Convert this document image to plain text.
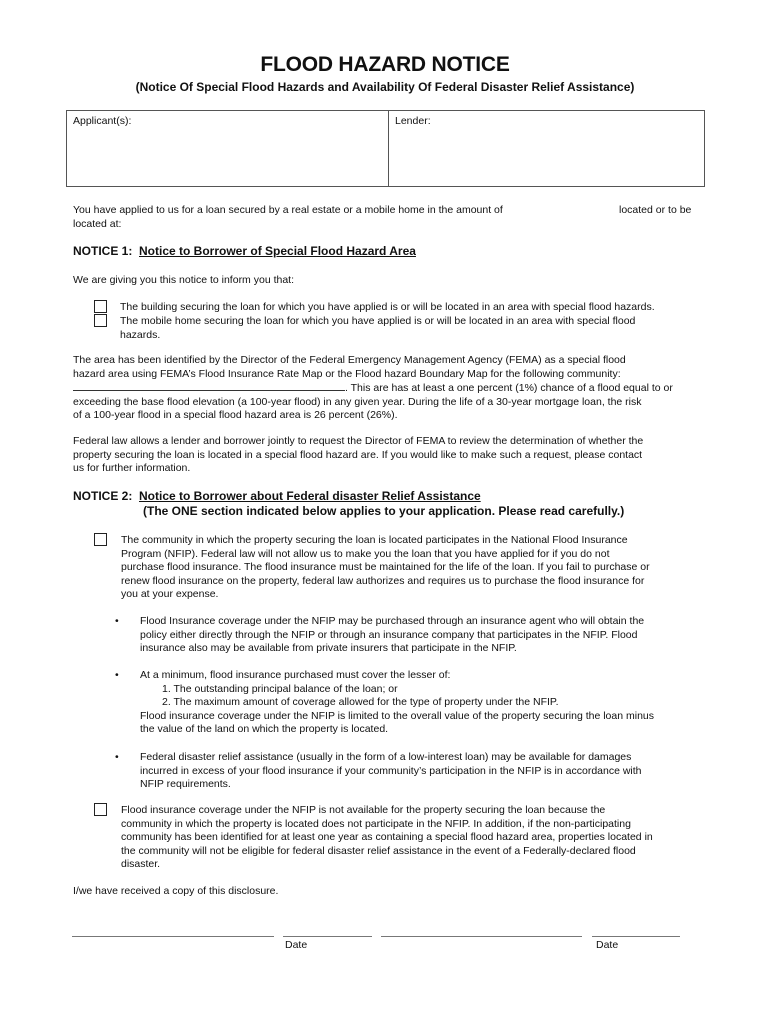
FLOOD HAZARD NOTICE
(Notice Of Special Flood Hazards and Availability Of Federal Disaster Relief Assistance)
Applicant(s):	Lender:
You have applied to us for a loan secured by a real estate or a mobile home in the amount of	located or to be
located at:
NOTICE 1: Notice to Borrower of Special Flood Hazard Area
We are giving you this notice to inform you that:
The building securing the loan for which you have applied is or will be located in an area with special flood hazards.
The mobile home securing the loan for which you have applied is or will be located in an area with special flood
hazards.
The area has been identified by the Director of the Federal Emergency Management Agency (FEMA) as a special flood
hazard area using FEMA’s Flood Insurance Rate Map or the Flood hazard Boundary Map for the following community:
. This are has at least a one percent (1%) chance of a flood equal to or
exceeding the base flood elevation (a 100-year flood) in any given year. During the life of a 30-year mortgage loan, the risk
of a 100-year flood in a special flood hazard area is 26 percent (26%).
Federal law allows a lender and borrower jointly to request the Director of FEMA to review the determination of whether the
property securing the loan is located in a special flood hazard are. If you would like to make such a request, please contact
us for further information.
NOTICE 2: Notice to Borrower about Federal disaster Relief Assistance
(The ONE section indicated below applies to your application. Please read carefully.)
The community in which the property securing the loan is located participates in the National Flood Insurance
Program (NFIP). Federal law will not allow us to make you the loan that you have applied for if you do not
purchase flood insurance. The flood insurance must be maintained for the life of the loan. If you fail to purchase or
renew flood insurance on the property, federal law authorizes and requires us to purchase the flood insurance for
you at your expense.
• Flood Insurance coverage under the NFIP may be purchased through an insurance agent who will obtain the
policy either directly through the NFIP or through an insurance company that participates in the NFIP. Flood
insurance also may be available from private insurers that participate in the NFIP.
• At a minimum, flood insurance purchased must cover the lesser of:
1. The outstanding principal balance of the loan; or
2. The maximum amount of coverage allowed for the type of property under the NFIP.
Flood insurance coverage under the NFIP is limited to the overall value of the property securing the loan minus
the value of the land on which the property is located.
• Federal disaster relief assistance (usually in the form of a low-interest loan) may be available for damages
incurred in excess of your flood insurance if your community’s participation in the NFIP is in accordance with
NFIP requirements.
Flood insurance coverage under the NFIP is not available for the property securing the loan because the
community in which the property is located does not participate in the NFIP. In addition, if the non-participating
community has been identified for at least one year as containing a special flood hazard area, properties located in
the community will not be eligible for federal disaster relief assistance in the event of a Federally-declared flood
disaster.
I/we have received a copy of this disclosure.
Date	Date
